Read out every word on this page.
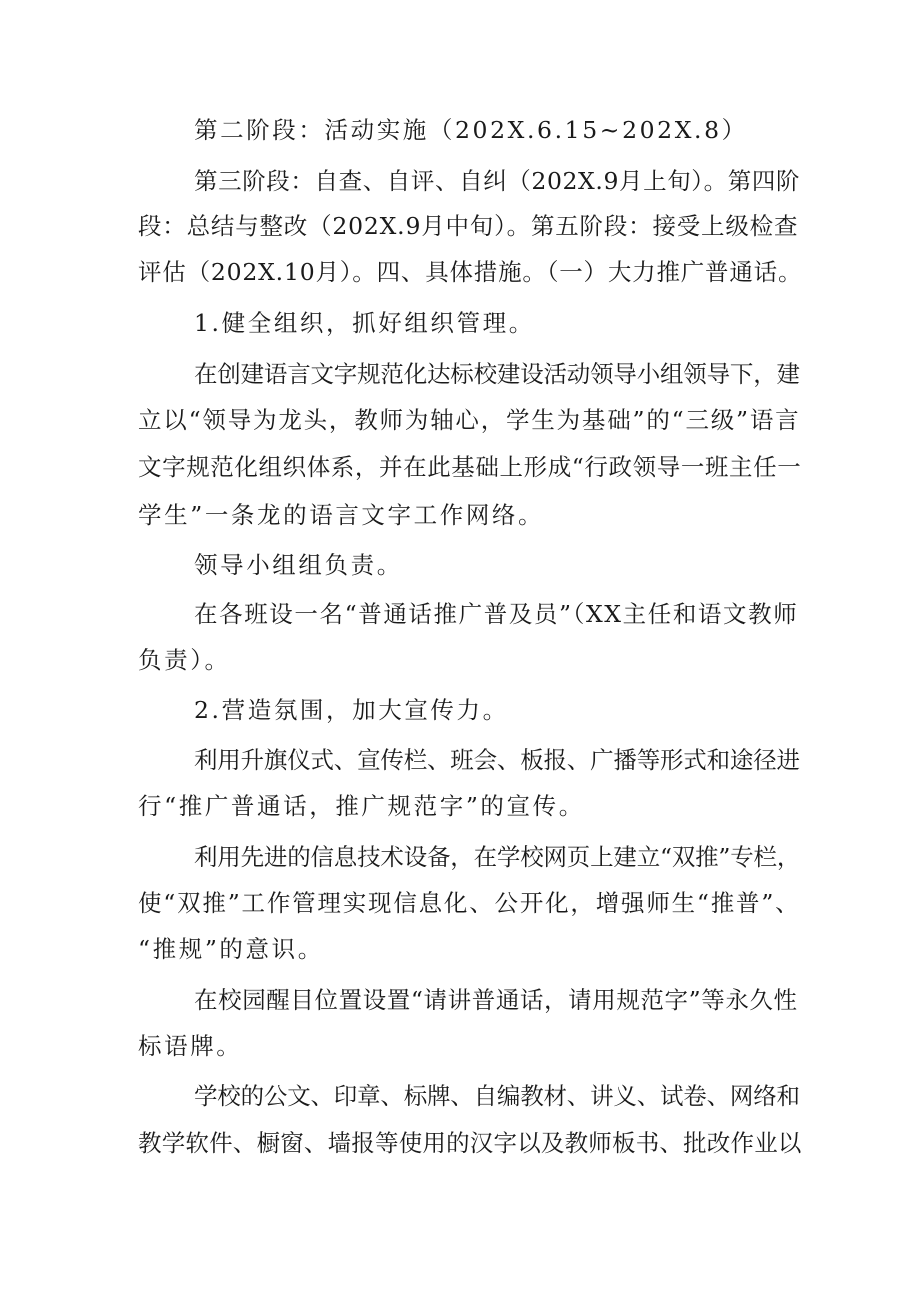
第二阶段：活动实施（202X.6.15~202X.8）
第三阶段：自查、自评、自纠（202X.9月上旬）。第四阶
段：总结与整改（202X.9月中旬）。第五阶段：接受上级检查
评估（202X.10月）。四、具体措施。（一）大力推广普通话。
1.健全组织，抓好组织管理。
在创建语言文字规范化达标校建设活动领导小组领导下，建
立以“领导为龙头，教师为轴心，学生为基础”的“三级”语言
文字规范化组织体系，并在此基础上形成“行政领导一班主任一
学生”一条龙的语言文字工作网络。
领导小组组负责。
在各班设一名“普通话推广普及员”（XX主任和语文教师
负责）。
2.营造氛围，加大宣传力。
利用升旗仪式、宣传栏、班会、板报、广播等形式和途径进
行“推广普通话，推广规范字”的宣传。
利用先进的信息技术设备，在学校网页上建立“双推”专栏，
使“双推”工作管理实现信息化、公开化，增强师生“推普”、
“推规”的意识。
在校园醒目位置设置“请讲普通话，请用规范字”等永久性
标语牌。
学校的公文、印章、标牌、自编教材、讲义、试卷、网络和
教学软件、橱窗、墙报等使用的汉字以及教师板书、批改作业以
